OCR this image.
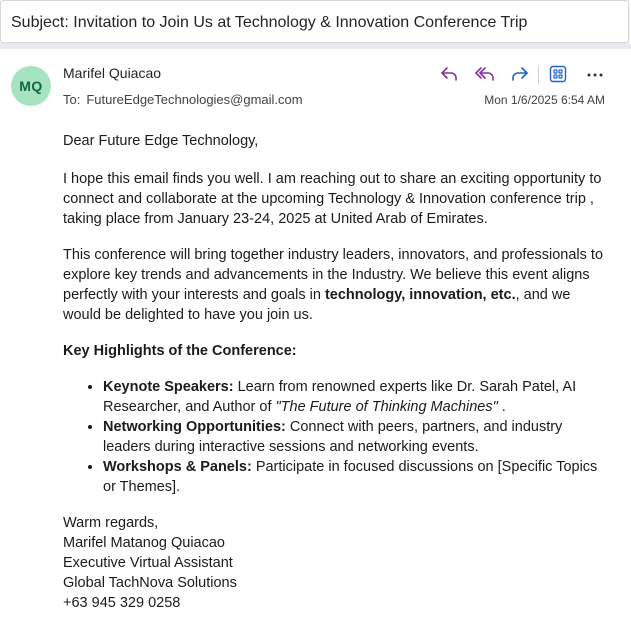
Subject: Invitation to Join Us at Technology & Innovation Conference Trip
MQ
Marifel Quiacao
To: FutureEdgeTechnologies@gmail.com	Mon 1/6/2025 6:54 AM

Dear Future Edge Technology,

I hope this email finds you well. I am reaching out to share an exciting opportunity to connect and collaborate at the upcoming Technology & Innovation conference trip , taking place from January 23-24, 2025 at United Arab of Emirates.

This conference will bring together industry leaders, innovators, and professionals to explore key trends and advancements in the Industry. We believe this event aligns perfectly with your interests and goals in technology, innovation, etc., and we would be delighted to have you join us.

Key Highlights of the Conference:

• Keynote Speakers: Learn from renowned experts like Dr. Sarah Patel, AI Researcher, and Author of "The Future of Thinking Machines" .
• Networking Opportunities: Connect with peers, partners, and industry leaders during interactive sessions and networking events.
• Workshops & Panels: Participate in focused discussions on [Specific Topics or Themes].

Warm regards,

Marifel Matanog Quiacao

Executive Virtual Assistant

Global TachNova Solutions

+63 945 329 0258
